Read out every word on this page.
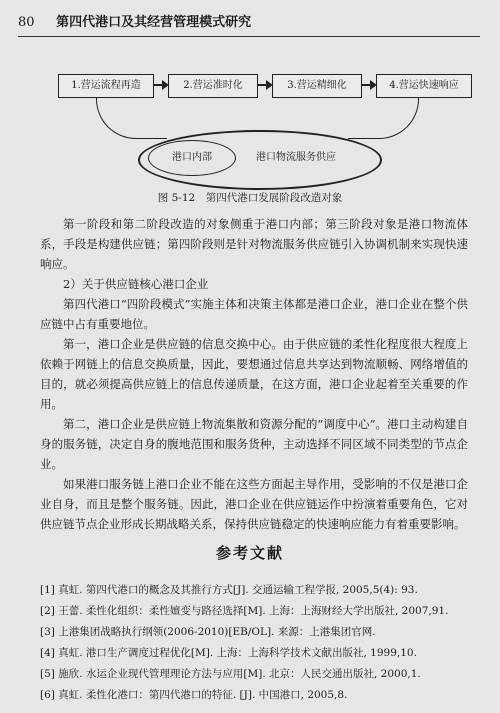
80 第四代港口及其经营管理模式研究
1.营运流程再造	2.营运准时化	3.营运精细化	4.营运快速响应
港口内部	港口物流服务供应
图 5-12　第四代港口发展阶段改造对象

第一阶段和第二阶段改造的对象侧重于港口内部；第三阶段对象是港口物流体系，手段是构建供应链；第四阶段则是针对物流服务供应链引入协调机制来实现快速响应。

2）关于供应链核心港口企业

第四代港口“四阶段模式”实施主体和决策主体都是港口企业，港口企业在整个供应链中占有重要地位。

第一，港口企业是供应链的信息交换中心。由于供应链的柔性化程度很大程度上依赖于网链上的信息交换质量，因此，要想通过信息共享达到物流顺畅、网络增值的目的，就必须提高供应链上的信息传递质量，在这方面，港口企业起着至关重要的作用。

第二，港口企业是供应链上物流集散和资源分配的“调度中心”。港口主动构建自身的服务链，决定自身的腹地范围和服务货种，主动选择不同区域不同类型的节点企业。

如果港口服务链上港口企业不能在这些方面起主导作用，受影响的不仅是港口企业自身，而且是整个服务链。因此，港口企业在供应链运作中扮演着重要角色，它对供应链节点企业形成长期战略关系，保持供应链稳定的快速响应能力有着重要影响。

参考文献
[1] 真虹. 第四代港口的概念及其推行方式[J]. 交通运输工程学报, 2005,5(4): 93.
[2] 王蕾. 柔性化组织：柔性嬗变与路径选择[M]. 上海：上海财经大学出版社, 2007,91.
[3] 上港集团战略执行纲领(2006-2010)[EB/OL]. 来源：上港集团官网.
[4] 真虹. 港口生产调度过程优化[M]. 上海：上海科学技术文献出版社, 1999,10.
[5] 施欣. 水运企业现代管理理论方法与应用[M]. 北京：人民交通出版社, 2000,1.
[6] 真虹. 柔性化港口：第四代港口的特征. [J]. 中国港口, 2005,8.
